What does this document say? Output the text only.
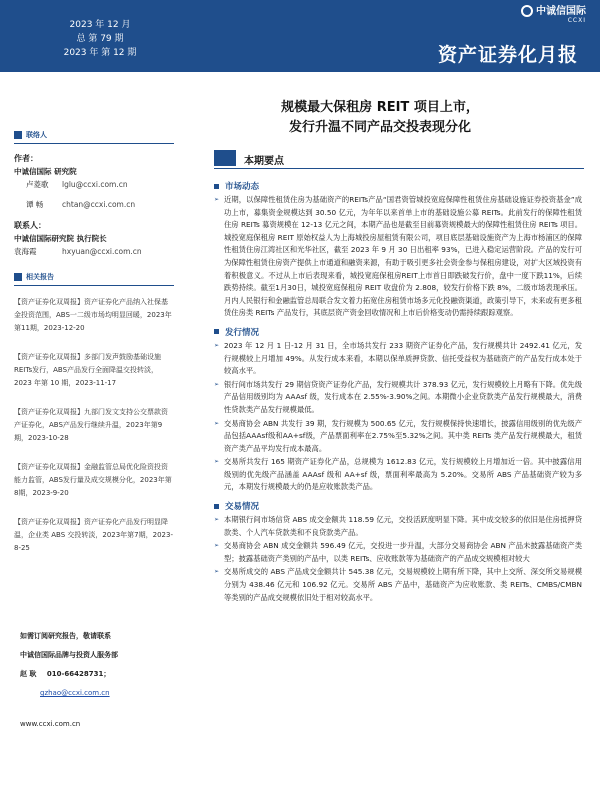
2023 年 12 月
总 第 79 期
2023 年 第 12 期
中诚信国际
CCXI
资产证券化月报
规模最大保租房 REIT 项目上市，
发行升温不同产品交投表现分化
联络人
作者：
中诚信国际 研究院
卢菱歌	lglu@ccxi.com.cn
谭 畅	chtan@ccxi.com.cn
联系人：
中诚信国际研究院 执行院长
袁海霞	hxyuan@ccxi.com.cn
相关报告
【资产证券化双周报】资产证券化产品纳入社保基金投资范围，ABS一二级市场均明显回暖，2023年第11期，2023-12-20
【资产证券化双周报】多部门发声鼓励基础设施REITs发行，ABS产品发行全面降温交投转淡，2023 年第 10 期，2023-11-17
【资产证券化双周报】九部门发文支持公交票款资产证券化，ABS产品发行继续升温，2023年第9期，2023-10-28
【资产证券化双周报】金融监管总局优化险资投资能力监管，ABS发行量及成交规模分化，2023年第8期，2023-9-20
【资产证券化双周报】资产证券化产品发行明显降温，企业类 ABS 交投转淡，2023年第7期，2023-8-25
如需订阅研究报告，敬请联系
中诚信国际品牌与投资人服务部
赵 耿 010-66428731；
gzhao@ccxi.com.cn
www.ccxi.com.cn
本期要点
市场动态
➢ 近期，以保障性租赁住房为基础资产的REITs产品“国君资管城投宽庭保障性租赁住房基础设施证券投资基金”成功上市，募集资金规模达到 30.50 亿元，为年年以来首单上市的基础设施公募 REITs。此前发行的保障性租赁住房 REITs 募资规模在 12-13 亿元之间，本期产品也是截至目前募资规模最大的保障性租赁住房 REITs 项目。城投宽庭保租房 REIT 原始权益人为上海城投房屋租赁有限公司，项目底层基础设施资产为上海市杨浦区的保障性租赁住房江湾社区和光华社区，截至 2023 年 9 月 30 日出租率 93%，已进入稳定运营阶段。产品的发行可为保障性租赁住房资产提供上市通道和融资来源，有助于吸引更多社会资金参与保租房建设，对扩大区域投资有着积极意义。不过从上市后表现来看，城投宽庭保租房REIT上市首日即跌破发行价，盘中一度下跌11%，后续跌势持续。截至1月30日，城投宽庭保租房 REIT 收盘价为 2.808，较发行价格下跌 8%，二级市场表现承压。月内人民银行和金融监管总局联合发文着力拓宽住房租赁市场多元化投融资渠道，政策引导下，未来或有更多租赁住房类 REITs 产品发行，其底层资产资金回收情况和上市后价格变动仍需持续跟踪观察。
发行情况
➢ 2023 年 12 月 1 日-12 月 31 日，全市场共发行 233 期资产证券化产品，发行规模共计 2492.41 亿元，发行规模较上月增加 49%。从发行成本来看，本期以保单质押贷款、信托受益权为基础资产的产品发行成本处于较高水平。
➢ 银行间市场共发行 29 期信贷资产证券化产品，发行规模共计 378.93 亿元，发行规模较上月略有下降。优先级产品信用级别均为 AAAsf 级，发行成本在 2.55%-3.90%之间。本期微小企业贷款类产品发行规模最大，消费性贷款类产品发行规模最低。
➢ 交易商协会 ABN 共发行 39 期，发行规模为 500.65 亿元，发行规模保持快速增长，披露信用级别的优先级产品包括AAAsf级和AA+sf级，产品票面利率在2.75%至5.32%之间。其中类 REITs 类产品发行规模最大，租赁资产类产品平均发行成本最高。
➢ 交易所共发行 165 期资产证券化产品，总规模为 1612.83 亿元，发行规模较上月增加近一倍。其中披露信用级别的优先级产品涵盖 AAAsf 级和 AA+sf 级，票面利率最高为 5.20%。交易所 ABS 产品基础资产较为多元，本期发行规模最大的仍是应收账款类产品。
交易情况
➢ 本期银行间市场信贷 ABS 成交金额共 118.59 亿元，交投活跃度明显下降。其中成交较多的依旧是住房抵押贷款类、个人汽车贷款类和不良贷款类产品。
➢ 交易商协会 ABN 成交金额共 596.49 亿元，交投进一步升温，大部分交易商协会 ABN 产品未披露基础资产类型；披露基础资产类别的产品中，以类 REITs、应收账款等为基础资产的产品成交规模相对较大
➢ 交易所成交的 ABS 产品成交金额共计 545.38 亿元，交易规模较上期有所下降，其中上交所、深交所交易规模分别为 438.46 亿元和 106.92 亿元。交易所 ABS 产品中，基础资产为应收账款、类 REITs、CMBS/CMBN 等类别的产品成交规模依旧处于相对较高水平。
